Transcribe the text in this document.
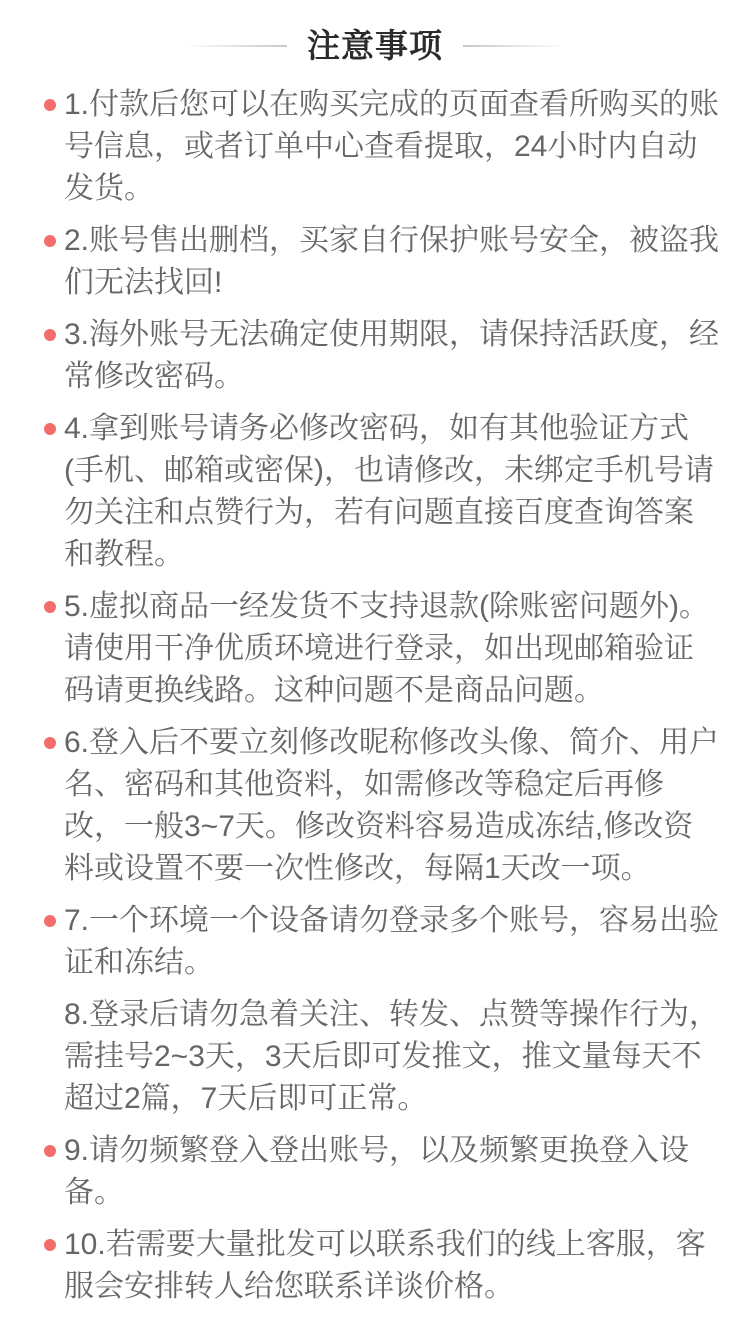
注意事项

1.付款后您可以在购买完成的页面查看所购买的账号信息，或者订单中心查看提取，24小时内自动发货。

2.账号售出删档，买家自行保护账号安全，被盗我们无法找回!

3.海外账号无法确定使用期限，请保持活跃度，经常修改密码。

4.拿到账号请务必修改密码，如有其他验证方式(手机、邮箱或密保)，也请修改，未绑定手机号请勿关注和点赞行为，若有问题直接百度查询答案和教程。

5.虚拟商品一经发货不支持退款(除账密问题外)。请使用干净优质环境进行登录，如出现邮箱验证码请更换线路。这种问题不是商品问题。

6.登入后不要立刻修改昵称修改头像、简介、用户名、密码和其他资料，如需修改等稳定后再修改，一般3~7天。修改资料容易造成冻结,修改资料或设置不要一次性修改，每隔1天改一项。

7.一个环境一个设备请勿登录多个账号，容易出验证和冻结。

8.登录后请勿急着关注、转发、点赞等操作行为，需挂号2~3天，3天后即可发推文，推文量每天不超过2篇，7天后即可正常。

9.请勿频繁登入登出账号，以及频繁更换登入设备。

10.若需要大量批发可以联系我们的线上客服，客服会安排转人给您联系详谈价格。
